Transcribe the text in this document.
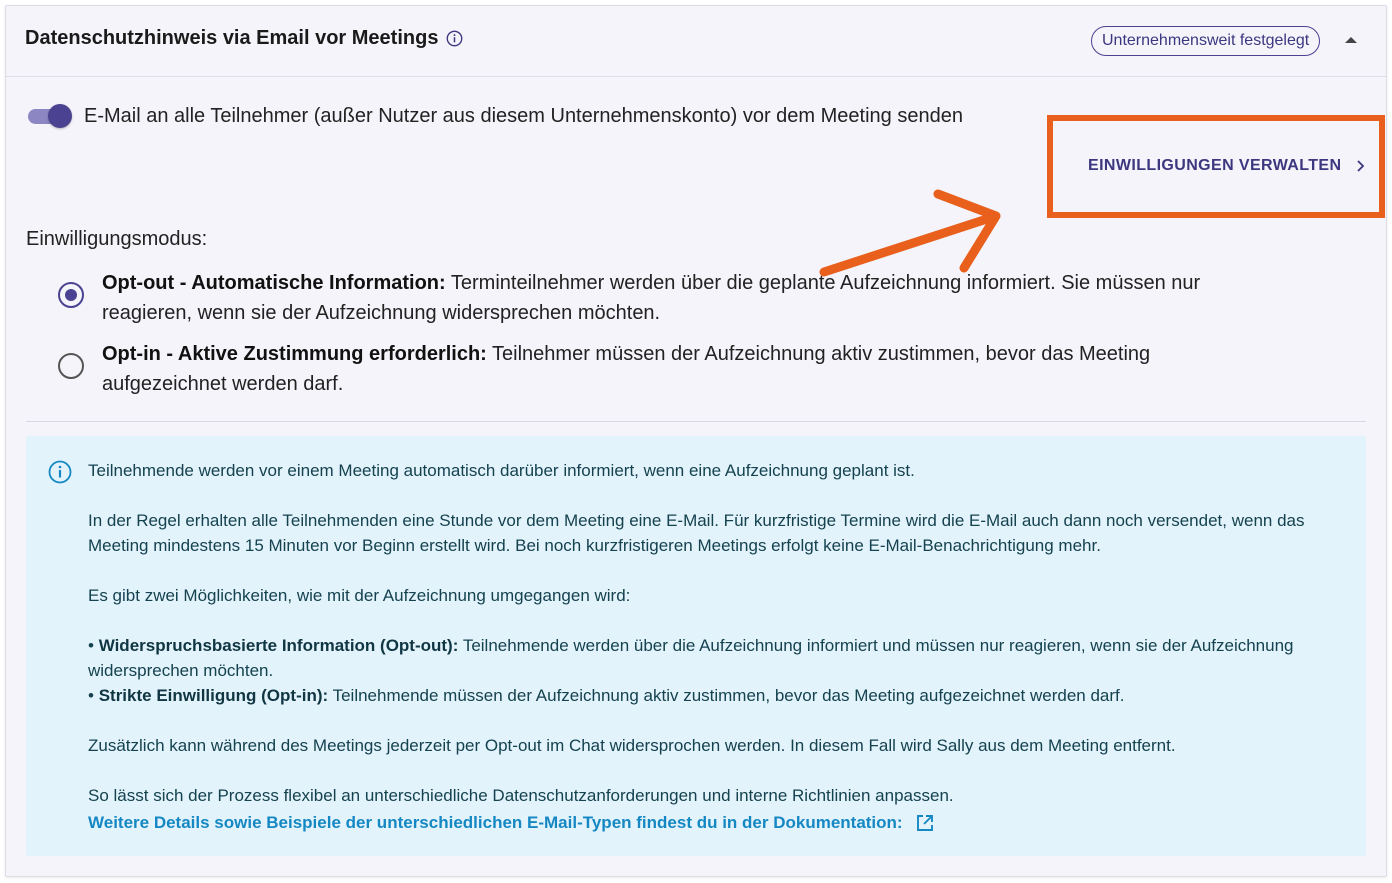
Datenschutzhinweis via Email vor Meetings	Unternehmensweit festgelegt
E-Mail an alle Teilnehmer (außer Nutzer aus diesem Unternehmenskonto) vor dem Meeting senden
EINWILLIGUNGEN VERWALTEN
Einwilligungsmodus:
Opt-out - Automatische Information: Terminteilnehmer werden über die geplante Aufzeichnung informiert. Sie müssen nur reagieren, wenn sie der Aufzeichnung widersprechen möchten.
Opt-in - Aktive Zustimmung erforderlich: Teilnehmer müssen der Aufzeichnung aktiv zustimmen, bevor das Meeting aufgezeichnet werden darf.

Teilnehmende werden vor einem Meeting automatisch darüber informiert, wenn eine Aufzeichnung geplant ist.

In der Regel erhalten alle Teilnehmenden eine Stunde vor dem Meeting eine E-Mail. Für kurzfristige Termine wird die E-Mail auch dann noch versendet, wenn das Meeting mindestens 15 Minuten vor Beginn erstellt wird. Bei noch kurzfristigeren Meetings erfolgt keine E-Mail-Benachrichtigung mehr.

Es gibt zwei Möglichkeiten, wie mit der Aufzeichnung umgegangen wird:

• Widerspruchsbasierte Information (Opt-out): Teilnehmende werden über die Aufzeichnung informiert und müssen nur reagieren, wenn sie der Aufzeichnung widersprechen möchten.

• Strikte Einwilligung (Opt-in): Teilnehmende müssen der Aufzeichnung aktiv zustimmen, bevor das Meeting aufgezeichnet werden darf.

Zusätzlich kann während des Meetings jederzeit per Opt-out im Chat widersprochen werden. In diesem Fall wird Sally aus dem Meeting entfernt.

So lässt sich der Prozess flexibel an unterschiedliche Datenschutzanforderungen und interne Richtlinien anpassen.

Weitere Details sowie Beispiele der unterschiedlichen E-Mail-Typen findest du in der Dokumentation:
